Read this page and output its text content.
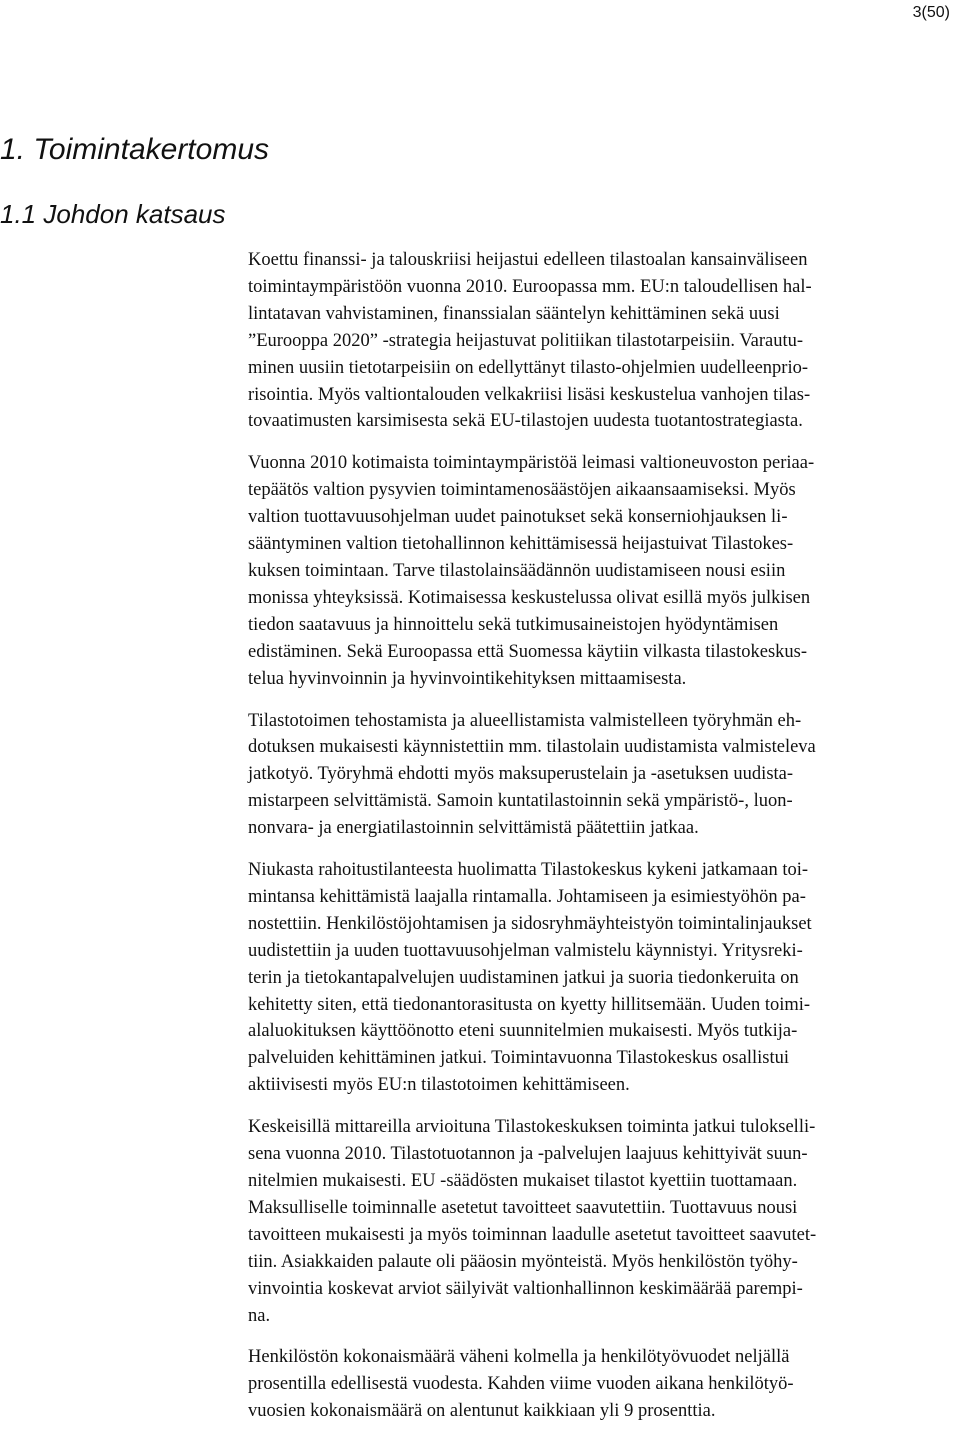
3(50)
1. Toimintakertomus
1.1 Johdon katsaus

Koettu finanssi- ja talouskriisi heijastui edelleen tilastoalan kansainväliseen
toimintaympäristöön vuonna 2010. Euroopassa mm. EU:n taloudellisen hal-
lintatavan vahvistaminen, finanssialan sääntelyn kehittäminen sekä uusi
”Eurooppa 2020” -strategia heijastuvat politiikan tilastotarpeisiin. Varautu-
minen uusiin tietotarpeisiin on edellyttänyt tilasto-ohjelmien uudelleenprio-
risointia. Myös valtiontalouden velkakriisi lisäsi keskustelua vanhojen tilas-
tovaatimusten karsimisesta sekä EU-tilastojen uudesta tuotantostrategiasta.

Vuonna 2010 kotimaista toimintaympäristöä leimasi valtioneuvoston periaa-
tepäätös valtion pysyvien toimintamenosäästöjen aikaansaamiseksi. Myös
valtion tuottavuusohjelman uudet painotukset sekä konserniohjauksen li-
sääntyminen valtion tietohallinnon kehittämisessä heijastuivat Tilastokes-
kuksen toimintaan. Tarve tilastolainsäädännön uudistamiseen nousi esiin
monissa yhteyksissä. Kotimaisessa keskustelussa olivat esillä myös julkisen
tiedon saatavuus ja hinnoittelu sekä tutkimusaineistojen hyödyntämisen
edistäminen. Sekä Euroopassa että Suomessa käytiin vilkasta tilastokeskus-
telua hyvinvoinnin ja hyvinvointikehityksen mittaamisesta.

Tilastotoimen tehostamista ja alueellistamista valmistelleen työryhmän eh-
dotuksen mukaisesti käynnistettiin mm. tilastolain uudistamista valmisteleva
jatkotyö. Työryhmä ehdotti myös maksuperustelain ja -asetuksen uudista-
mistarpeen selvittämistä. Samoin kuntatilastoinnin sekä ympäristö-, luon-
nonvara- ja energiatilastoinnin selvittämistä päätettiin jatkaa.

Niukasta rahoitustilanteesta huolimatta Tilastokeskus kykeni jatkamaan toi-
mintansa kehittämistä laajalla rintamalla. Johtamiseen ja esimiestyöhön pa-
nostettiin. Henkilöstöjohtamisen ja sidosryhmäyhteistyön toimintalinjaukset
uudistettiin ja uuden tuottavuusohjelman valmistelu käynnistyi. Yritysreki-
terin ja tietokantapalvelujen uudistaminen jatkui ja suoria tiedonkeruita on
kehitetty siten, että tiedonantorasitusta on kyetty hillitsemään. Uuden toimi-
alaluokituksen käyttöönotto eteni suunnitelmien mukaisesti. Myös tutkija-
palveluiden kehittäminen jatkui. Toimintavuonna Tilastokeskus osallistui
aktiivisesti myös EU:n tilastotoimen kehittämiseen.

Keskeisillä mittareilla arvioituna Tilastokeskuksen toiminta jatkui tulokselli-
sena vuonna 2010. Tilastotuotannon ja -palvelujen laajuus kehittyivät suun-
nitelmien mukaisesti. EU -säädösten mukaiset tilastot kyettiin tuottamaan.
Maksulliselle toiminnalle asetetut tavoitteet saavutettiin. Tuottavuus nousi
tavoitteen mukaisesti ja myös toiminnan laadulle asetetut tavoitteet saavutet-
tiin. Asiakkaiden palaute oli pääosin myönteistä. Myös henkilöstön työhy-
vinvointia koskevat arviot säilyivät valtionhallinnon keskimäärää parempi-
na.

Henkilöstön kokonaismäärä väheni kolmella ja henkilötyövuodet neljällä
prosentilla edellisestä vuodesta. Kahden viime vuoden aikana henkilötyö-
vuosien kokonaismäärä on alentunut kaikkiaan yli 9 prosenttia.
